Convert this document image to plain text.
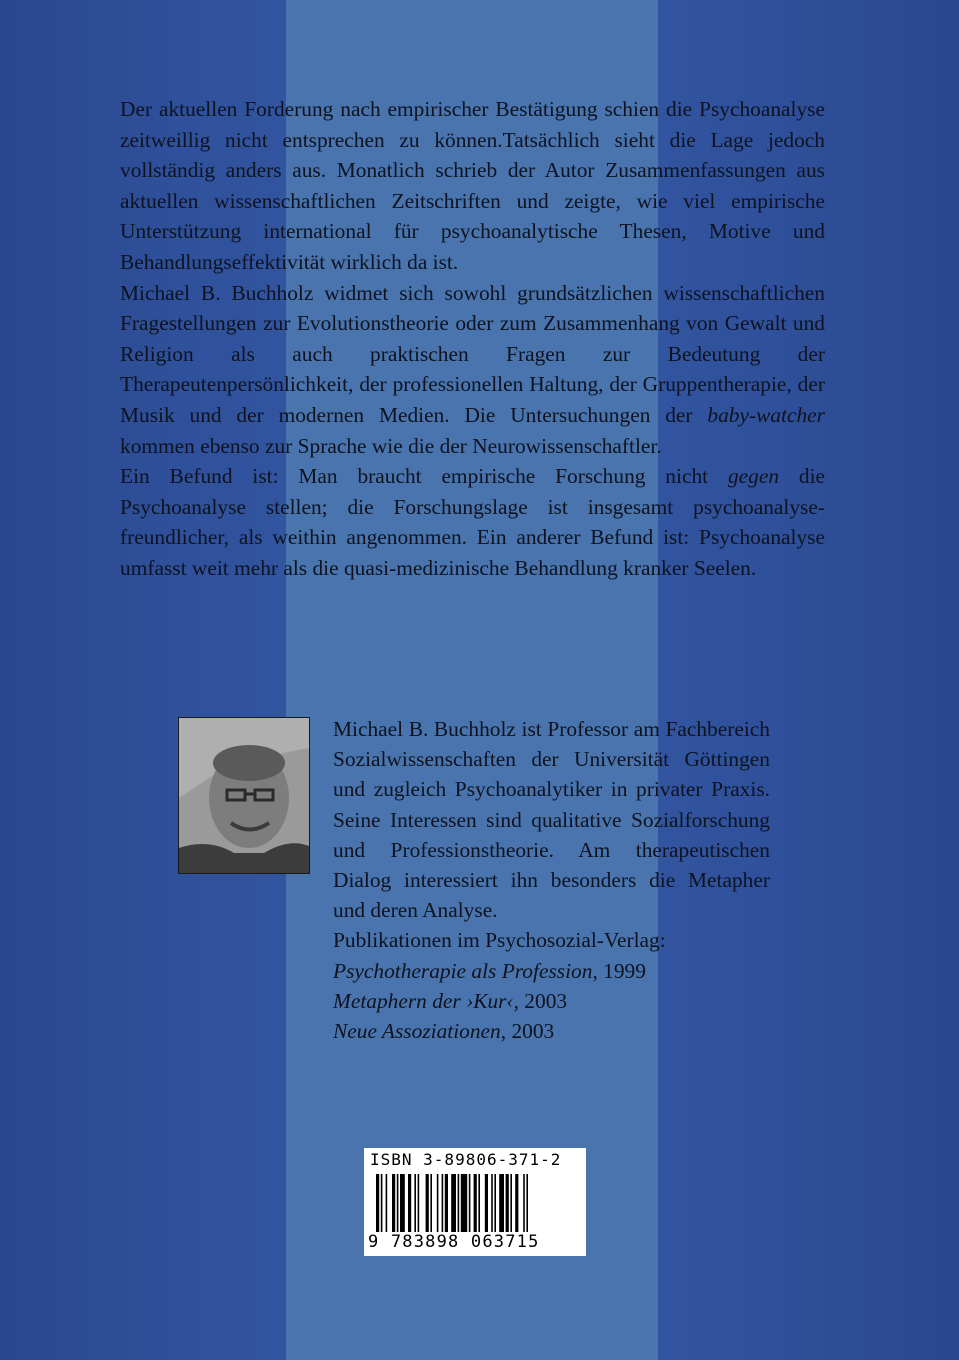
Der aktuellen Forderung nach empirischer Bestätigung schien die Psychoanalyse zeitweillig nicht entsprechen zu können.Tatsächlich sieht die Lage jedoch vollständig anders aus. Monatlich schrieb der Autor Zusammenfassungen aus aktuellen wissenschaftlichen Zeitschriften und zeigte, wie viel empirische Unterstützung international für psychoanalytische Thesen, Motive und Behandlungseffektivität wirklich da ist.

Michael B. Buchholz widmet sich sowohl grundsätzlichen wissenschaftlichen Fragestellungen zur Evolutionstheorie oder zum Zusammenhang von Gewalt und Religion als auch praktischen Fragen zur Bedeutung der Therapeutenpersönlichkeit, der professionellen Haltung, der Gruppentherapie, der Musik und der modernen Medien. Die Untersuchungen der baby-watcher kommen ebenso zur Sprache wie die der Neurowissenschaftler.

Ein Befund ist: Man braucht empirische Forschung nicht gegen die Psychoanalyse stellen; die Forschungslage ist insgesamt psychoanalyse-freundlicher, als weithin angenommen. Ein anderer Befund ist: Psychoanalyse umfasst weit mehr als die quasi-medizinische Behandlung kranker Seelen.

Michael B. Buchholz ist Professor am Fachbereich Sozialwissenschaften der Universität Göttingen und zugleich Psychoanalytiker in privater Praxis. Seine Interessen sind qualitative Sozialforschung und Professionstheorie. Am therapeutischen Dialog interessiert ihn besonders die Metapher und deren Analyse.

Publikationen im Psychosozial-Verlag:

Psychotherapie als Profession, 1999

Metaphern der ›Kur‹, 2003

Neue Assoziationen, 2003

ISBN 3-89806-371-2
9 783898 063715
